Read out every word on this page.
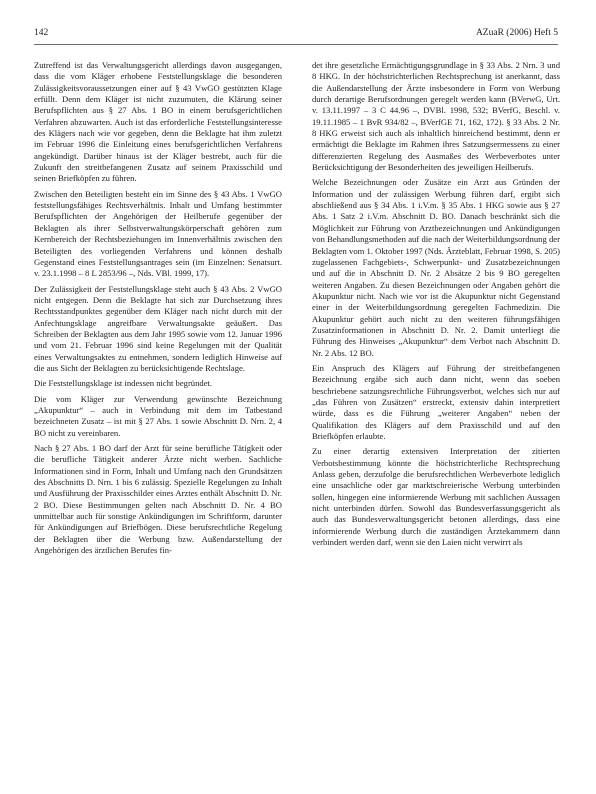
142	AZuaR (2006) Heft 5

Zutreffend ist das Verwaltungsgericht allerdings davon ausgegangen, dass die vom Kläger erhobene Feststellungsklage die besonderen Zulässigkeitsvoraussetzungen einer auf § 43 VwGO gestützten Klage erfüllt. Denn dem Kläger ist nicht zuzumuten, die Klärung seiner Berufspflichten aus § 27 Abs. 1 BO in einem berufsgerichtlichen Verfahren abzuwarten. Auch ist das erforderliche Feststellungsinteresse des Klägers nach wie vor gegeben, denn die Beklagte hat ihm zuletzt im Februar 1996 die Einleitung eines berufsgerichtlichen Verfahrens angekündigt. Darüber hinaus ist der Kläger bestrebt, auch für die Zukunft den streitbefangenen Zusatz auf seinem Praxisschild und seinen Briefköpfen zu führen.

Zwischen den Beteiligten besteht ein im Sinne des § 43 Abs. 1 VwGO feststellungsfähiges Rechtsverhältnis. Inhalt und Umfang bestimmter Berufspflichten der Angehörigen der Heilberufe gegenüber der Beklagten als ihrer Selbstverwaltungskörperschaft gehören zum Kernbereich der Rechtsbeziehungen im Innenverhältnis zwischen den Beteiligten des vorliegenden Verfahrens und können deshalb Gegenstand eines Feststellungsantrages sein (im Einzelnen: Senatsurt. v. 23.1.1998 – 8 L 2853/96 –, Nds. VBl. 1999, 17).

Der Zulässigkeit der Feststellungsklage steht auch § 43 Abs. 2 VwGO nicht entgegen. Denn die Beklagte hat sich zur Durchsetzung ihres Rechtsstandpunktes gegenüber dem Kläger nach nicht durch mit der Anfechtungsklage angreifbare Verwaltungsakte geäußert. Das Schreiben der Beklagten aus dem Jahr 1995 sowie vom 12. Januar 1996 und vom 21. Februar 1996 sind keine Regelungen mit der Qualität eines Verwaltungsaktes zu entnehmen, sondern lediglich Hinweise auf die aus Sicht der Beklagten zu berücksichtigende Rechtslage.

Die Feststellungsklage ist indessen nicht begründet.

Die vom Kläger zur Verwendung gewünschte Bezeichnung „Akupunktur“ – auch in Verbindung mit dem im Tatbestand bezeichneten Zusatz – ist mit § 27 Abs. 1 sowie Abschnitt D. Nrn. 2, 4 BO nicht zu vereinbaren.

Nach § 27 Abs. 1 BO darf der Arzt für seine berufliche Tätigkeit oder die berufliche Tätigkeit anderer Ärzte nicht werben. Sachliche Informationen sind in Form, Inhalt und Umfang nach den Grundsätzen des Abschnitts D. Nrn. 1 bis 6 zulässig. Spezielle Regelungen zu Inhalt und Ausführung der Praxisschilder eines Arztes enthält Abschnitt D. Nr. 2 BO. Diese Bestimmungen gelten nach Abschnitt D. Nr. 4 BO unmittelbar auch für sonstige Ankündigungen im Schriftform, darunter für Ankündigungen auf Briefbögen. Diese berufsrechtliche Regelung der Beklagten über die Werbung bzw. Außendarstellung der Angehörigen des ärztlichen Berufes fin-

det ihre gesetzliche Ermächtigungsgrundlage in § 33 Abs. 2 Nrn. 3 und 8 HKG. In der höchstrichterlichen Rechtsprechung ist anerkannt, dass die Außendarstellung der Ärzte insbesondere in Form von Werbung durch derartige Berufsordnungen geregelt werden kann (BVerwG, Urt. v. 13.11.1997 – 3 C 44.96 –, DVBl. 1998, 532; BVerfG, Beschl. v. 19.11.1985 – 1 BvR 934/82 –, BVerfGE 71, 162, 172). § 33 Abs. 2 Nr. 8 HKG erweist sich auch als inhaltlich hinreichend bestimmt, denn er ermächtigt die Beklagte im Rahmen ihres Satzungsermessens zu einer differenzierten Regelung des Ausmaßes des Werbeverbotes unter Berücksichtigung der Besonderheiten des jeweiligen Heilberufs.

Welche Bezeichnungen oder Zusätze ein Arzt aus Gründen der Information und der zulässigen Werbung führen darf, ergibt sich abschließend aus § 34 Abs. 1 i.V.m. § 35 Abs. 1 HKG sowie aus § 27 Abs. 1 Satz 2 i.V.m. Abschnitt D. BO. Danach beschränkt sich die Möglichkeit zur Führung von Arztbezeichnungen und Ankündigungen von Behandlungsmethoden auf die nach der Weiterbildungsordnung der Beklagten vom 1. Oktober 1997 (Nds. Ärzteblatt, Februar 1998, S. 205) zugelassenen Fachgebiets-, Schwerpunkt- und Zusatzbezeichnungen und auf die in Abschnitt D. Nr. 2 Absätze 2 bis 9 BO geregelten weiteren Angaben. Zu diesen Bezeichnungen oder Angaben gehört die Akupunktur nicht. Nach wie vor ist die Akupunktur nicht Gegenstand einer in der Weiterbildungsordnung geregelten Fachmedizin. Die Akupunktur gehört auch nicht zu den weiteren führungsfähigen Zusatzinformationen in Abschnitt D. Nr. 2. Damit unterliegt die Führung des Hinweises „Akupunktur“ dem Verbot nach Abschnitt D. Nr. 2 Abs. 12 BO.

Ein Anspruch des Klägers auf Führung der streitbefangenen Bezeichnung ergäbe sich auch dann nicht, wenn das soeben beschriebene satzungsrechtliche Führungsverbot, welches sich nur auf „das Führen von Zusätzen“ erstreckt, extensiv dahin interpretiert würde, dass es die Führung „weiterer Angaben“ neben der Qualifikation des Klägers auf dem Praxisschild und auf den Briefköpfen erlaubte.

Zu einer derartig extensiven Interpretation der zitierten Verbotsbestimmung könnte die höchstrichterliche Rechtsprechung Anlass geben, derzufolge die berufsrechtlichen Werbeverbote lediglich eine unsachliche oder gar marktschreierische Werbung unterbinden sollen, hingegen eine informierende Werbung mit sachlichen Aussagen nicht unterbinden dürfen. Sowohl das Bundesverfassungsgericht als auch das Bundesverwaltungsgericht betonen allerdings, dass eine informierende Werbung durch die zuständigen Ärztekammern dann verbindert werden darf, wenn sie den Laien nicht verwirrt als
